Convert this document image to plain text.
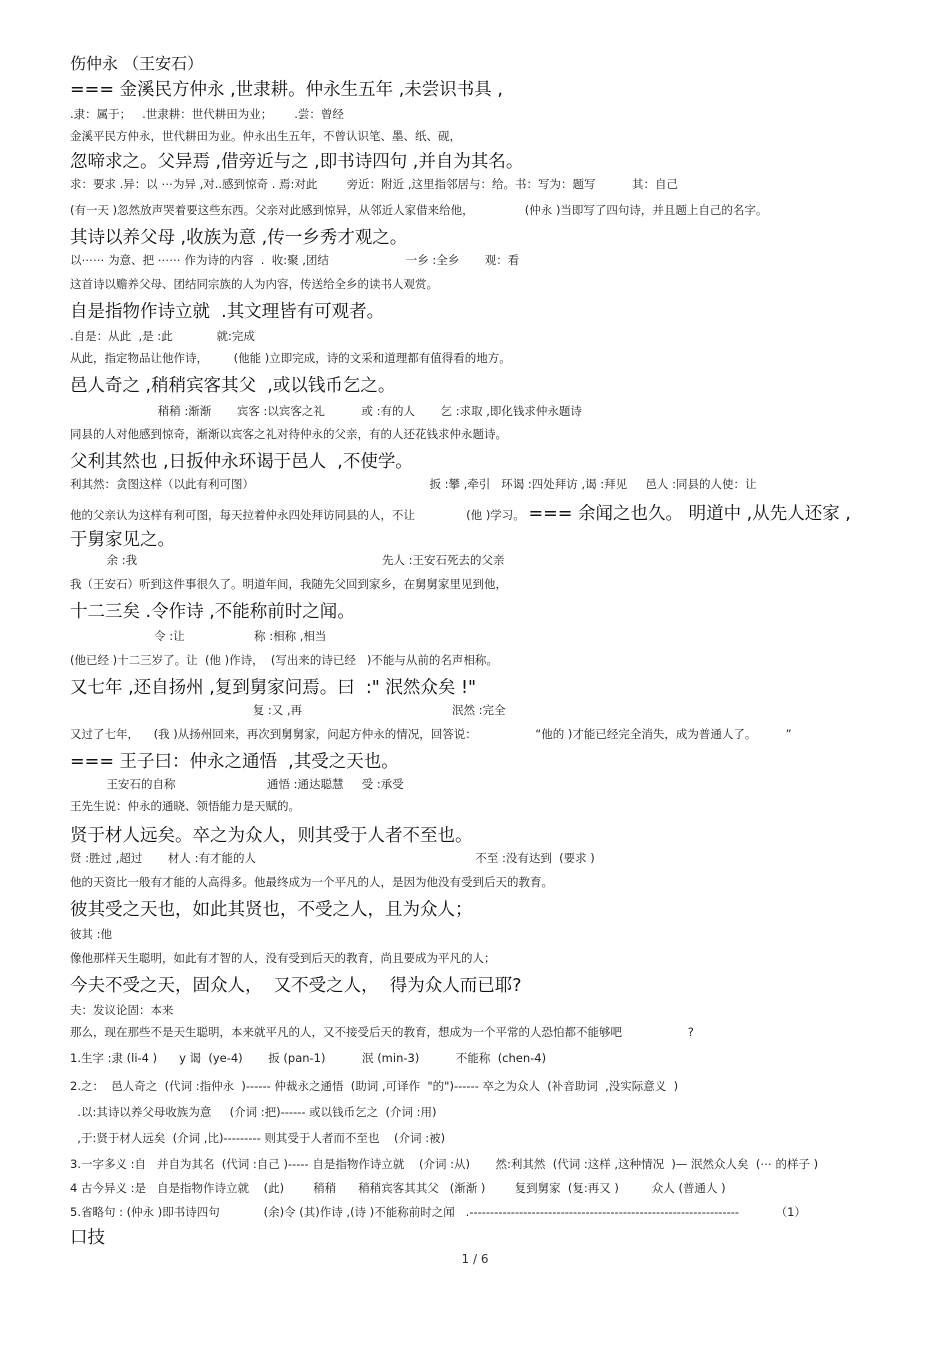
伤仲永 （王安石）
=== 金溪民方仲永 ,世隶耕。仲永生五年 ,未尝识书具 ,
.隶：属于；   .世隶耕：世代耕田为业；      .尝：曾经
金溪平民方仲永，世代耕田为业。仲永出生五年，不曾认识笔、墨、纸、砚，
忽啼求之。父异焉 ,借旁近与之 ,即书诗四句 ,并自为其名。
求：要求 .异：以 ⋯为异 ,对..感到惊奇 . 焉:对此        旁近：附近 ,这里指邻居与：给。书：写为：题写          其：自己
(有一天 )忽然放声哭着要这些东西。父亲对此感到惊异，从邻近人家借来给他，              (仲永 )当即写了四句诗，并且题上自己的名字。
其诗以养父母 ,收族为意 ,传一乡秀才观之。
以⋯⋯ 为意、把 ⋯⋯ 作为诗的内容  .  收:聚 ,团结                     一乡 :全乡       观：看
这首诗以赡养父母、团结同宗族的人为内容，传送给全乡的读书人观赏。
自是指物作诗立就  .其文理皆有可观者。
.自是：从此  ,是 :此            就:完成
从此，指定物品让他作诗，       (他能 )立即完成，诗的文采和道理都有值得看的地方。
邑人奇之 ,稍稍宾客其父  ,或以钱币乞之。
稍稍 :渐渐       宾客 :以宾客之礼          或 :有的人       乞 :求取 ,即化钱求仲永题诗
同县的人对他感到惊奇，渐渐以宾客之礼对待仲永的父亲，有的人还花钱求仲永题诗。
父利其然也 ,日扳仲永环谒于邑人  ,不使学。
利其然：贪图这样（以此有利可图）                                                扳 :攀 ,牵引   环谒 :四处拜访 ,谒 :拜见     邑人 :同县的人使：让
他的父亲认为这样有利可图，每天拉着仲永四处拜访同县的人，不让              (他 )学习。 === 余闻之也久。 明道中 ,从先人还家 ,
于舅家见之。
余 :我                                                                   先人 :王安石死去的父亲
我（王安石）听到这件事很久了。明道年间，我随先父回到家乡，在舅舅家里见到他，
十二三矣 .令作诗 ,不能称前时之闻。
令 :让                   称 :相称 ,相当
(他已经 )十二三岁了。让  (他 )作诗，  (写出来的诗已经   )不能与从前的名声相称。
又七年 ,还自扬州 ,复到舅家问焉。曰  :" 泯然众矣 !"
复 :又 ,再                                         泯然 :完全
又过了七年，    (我 )从扬州回来，再次到舅舅家，问起方仲永的情况，回答说：                “他的 )才能已经完全消失，成为普通人了。        ”
=== 王子曰：仲永之通悟  ,其受之天也。
王安石的自称                         通悟 :通达聪慧     受 :承受
王先生说：仲永的通晓、领悟能力是天赋的。
贤于材人远矣。卒之为众人，则其受于人者不至也。
贤 :胜过 ,超过       材人 :有才能的人                                                            不至 :没有达到  (要求 )
他的天资比一般有才能的人高得多。他最终成为一个平凡的人，是因为他没有受到后天的教育。
彼其受之天也，如此其贤也，不受之人，且为众人；
彼其 :他
像他那样天生聪明，如此有才智的人，没有受到后天的教育，尚且要成为平凡的人；
今夫不受之天，固众人，  又不受之人，  得为众人而已耶?
夫：发议论固：本来
那么，现在那些不是天生聪明，本来就平凡的人，又不接受后天的教育，想成为一个平常的人恐怕都不能够吧                  ?
1.生字 :隶 (li-4 )      y 谒  (ye-4)       扳 (pan-1)          泯 (min-3)          不能称  (chen-4)
2.之：  邑人奇之  (代词 :指仲永  )------ 仲裁永之通悟  (助词 ,可译作  "的")------ 卒之为众人  (补音助词  ,没实际意义  )
.以:其诗以养父母收族为意     (介词 :把)------ 或以钱币乞之  (介词 :用)
,于:贤于材人远矣  (介词 ,比)--------- 则其受于人者而不至也    (介词 :被)
3.一字多义 :自   并自为其名  (代词 :自己 )----- 自是指物作诗立就    (介词 :从)       然:利其然  (代词 :这样 ,这种情况  )— 泯然众人矣  (⋯ 的样子 )
4 古今异义 :是   自是指物作诗立就    (此)        稍稍      稍稍宾客其其父   (渐渐 )        复到舅家  (复:再又 )         众人 (普通人 )
5.省略句 : (仲永 )即书诗四句            (余)令 (其)作诗 ,(诗 )不能称前时之闻   .-----------------------------------------------------------------          （1）
口技
1 / 6
